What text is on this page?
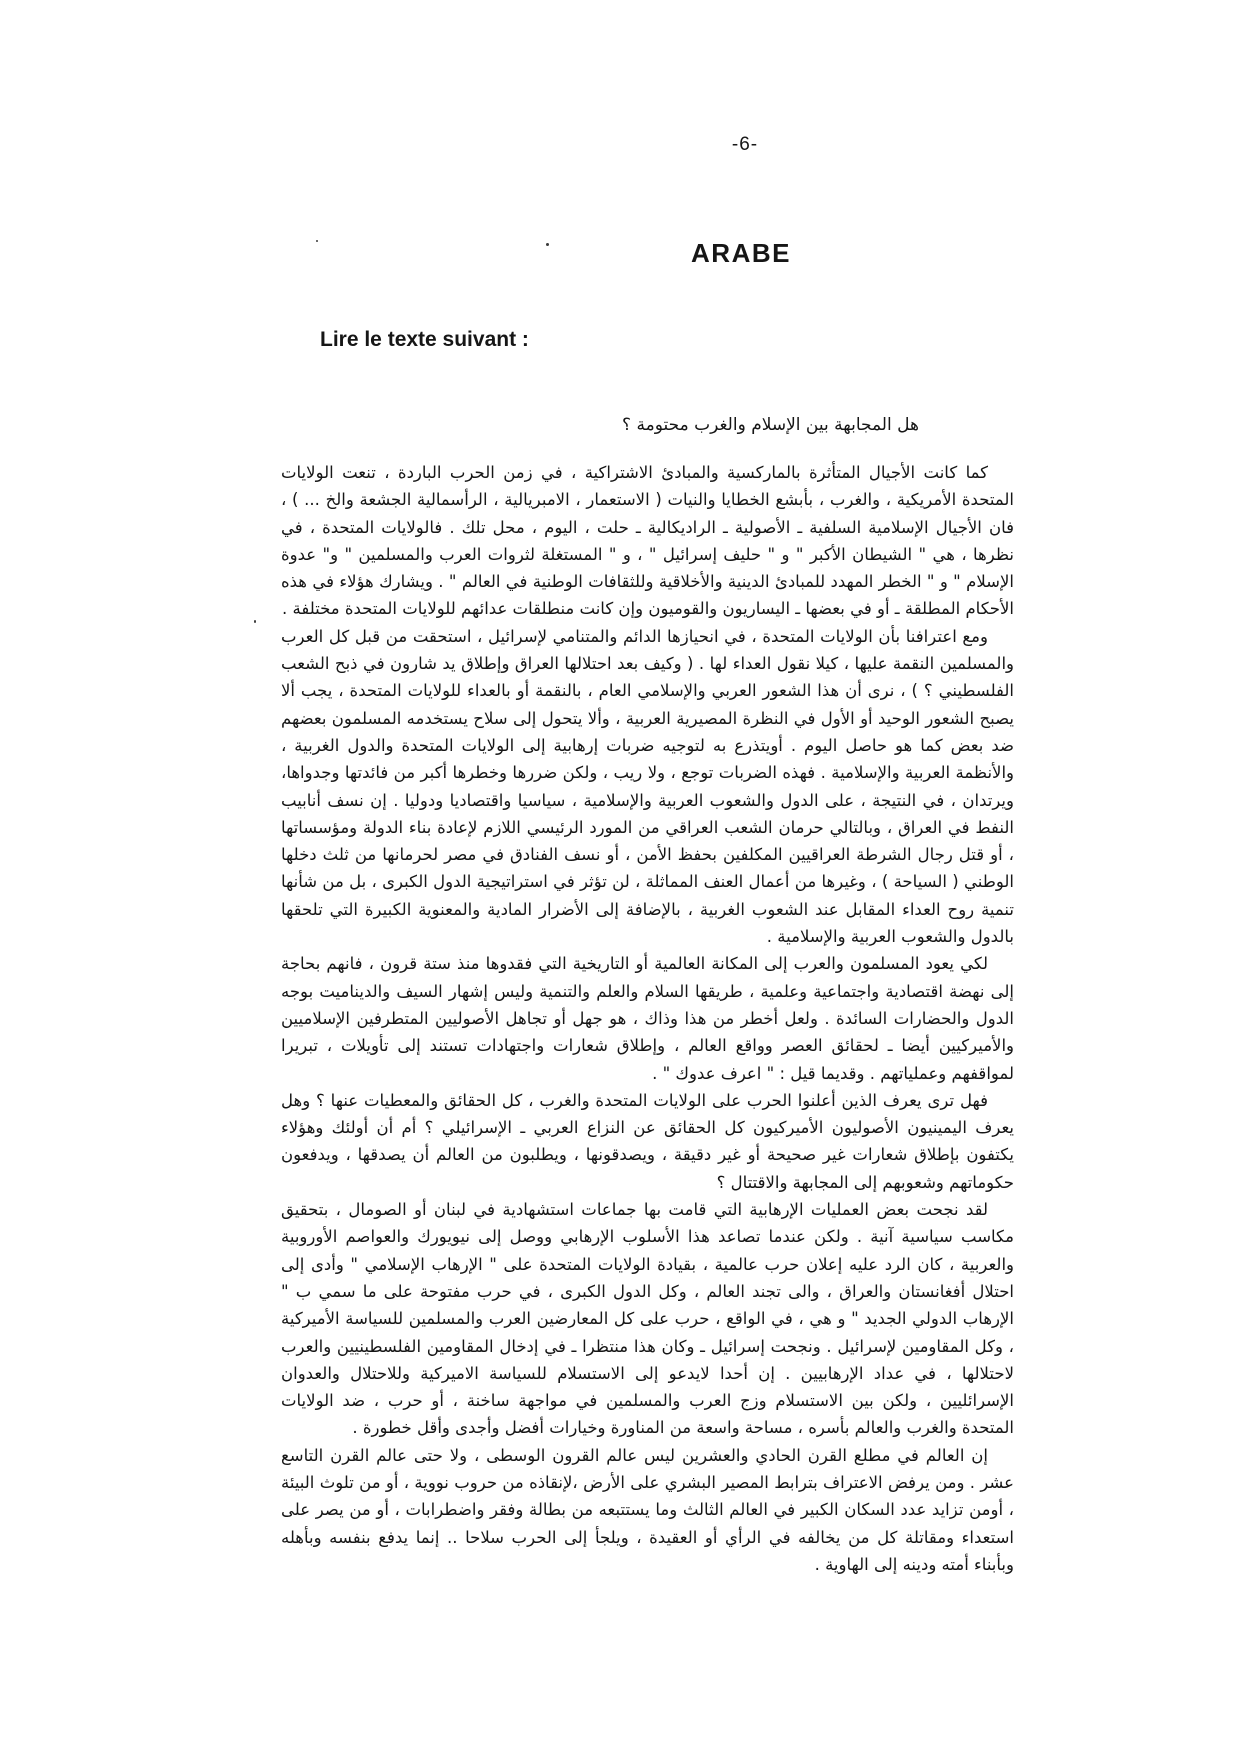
-6-
ARABE
Lire le texte suivant :
هل المجابهة بين الإسلام والغرب محتومة ؟

كما كانت الأجيال المتأثرة بالماركسية والمبادئ الاشتراكية ، في زمن الحرب الباردة ، تنعت الولايات المتحدة الأمريكية ، والغرب ، بأبشع الخطايا والنيات ( الاستعمار ، الامبريالية ، الرأسمالية الجشعة والخ ... ) ، فان الأجيال الإسلامية السلفية ـ الأصولية ـ الراديكالية ـ حلت ، اليوم ، محل تلك . فالولايات المتحدة ، في نظرها ، هي " الشيطان الأكبر " و " حليف إسرائيل " ، و " المستغلة لثروات العرب والمسلمين " و" عدوة الإسلام " و " الخطر المهدد للمبادئ الدينية والأخلاقية وللثقافات الوطنية في العالم " . ويشارك هؤلاء في هذه الأحكام المطلقة ـ أو في بعضها ـ اليساريون والقوميون وإن كانت منطلقات عدائهم للولايات المتحدة مختلفة .

ومع اعترافنا بأن الولايات المتحدة ، في انحيازها الدائم والمتنامي لإسرائيل ، استحقت من قبل كل العرب والمسلمين النقمة عليها ، كيلا نقول العداء لها . ( وكيف بعد احتلالها العراق وإطلاق يد شارون في ذبح الشعب الفلسطيني ؟ ) ، نرى أن هذا الشعور العربي والإسلامي العام ، بالنقمة أو بالعداء للولايات المتحدة ، يجب ألا يصبح الشعور الوحيد أو الأول في النظرة المصيرية العربية ، وألا يتحول إلى سلاح يستخدمه المسلمون بعضهم ضد بعض كما هو حاصل اليوم . أويتذرع به لتوجيه ضربات إرهابية إلى الولايات المتحدة والدول الغربية ، والأنظمة العربية والإسلامية . فهذه الضربات توجع ، ولا ريب ، ولكن ضررها وخطرها أكبر من فائدتها وجدواها، ويرتدان ، في النتيجة ، على الدول والشعوب العربية والإسلامية ، سياسيا واقتصاديا ودوليا . إن نسف أنابيب النفط في العراق ، وبالتالي حرمان الشعب العراقي من المورد الرئيسي اللازم لإعادة بناء الدولة ومؤسساتها ، أو قتل رجال الشرطة العراقيين المكلفين بحفظ الأمن ، أو نسف الفنادق في مصر لحرمانها من ثلث دخلها الوطني ( السياحة ) ، وغيرها من أعمال العنف المماثلة ، لن تؤثر في استراتيجية الدول الكبرى ، بل من شأنها تنمية روح العداء المقابل عند الشعوب الغربية ، بالإضافة إلى الأضرار المادية والمعنوية الكبيرة التي تلحقها بالدول والشعوب العربية والإسلامية .

لكي يعود المسلمون والعرب إلى المكانة العالمية أو التاريخية التي فقدوها منذ ستة قرون ، فانهم بحاجة إلى نهضة اقتصادية واجتماعية وعلمية ، طريقها السلام والعلم والتنمية وليس إشهار السيف والديناميت بوجه الدول والحضارات السائدة . ولعل أخطر من هذا وذاك ، هو جهل أو تجاهل الأصوليين المتطرفين الإسلاميين والأميركيين أيضا ـ لحقائق العصر وواقع العالم ، وإطلاق شعارات واجتهادات تستند إلى تأويلات ، تبريرا لمواقفهم وعملياتهم . وقديما قيل : " اعرف عدوك " .

فهل ترى يعرف الذين أعلنوا الحرب على الولايات المتحدة والغرب ، كل الحقائق والمعطيات عنها ؟ وهل يعرف اليمينيون الأصوليون الأميركيون كل الحقائق عن النزاع العربي ـ الإسرائيلي ؟ أم أن أولئك وهؤلاء يكتفون بإطلاق شعارات غير صحيحة أو غير دقيقة ، ويصدقونها ، ويطلبون من العالم أن يصدقها ، ويدفعون حكوماتهم وشعوبهم إلى المجابهة والاقتتال ؟

لقد نجحت بعض العمليات الإرهابية التي قامت بها جماعات استشهادية في لبنان أو الصومال ، بتحقيق مكاسب سياسية آنية . ولكن عندما تصاعد هذا الأسلوب الإرهابي ووصل إلى نيويورك والعواصم الأوروبية والعربية ، كان الرد عليه إعلان حرب عالمية ، بقيادة الولايات المتحدة على " الإرهاب الإسلامي " وأدى إلى احتلال أفغانستان والعراق ، والى تجند العالم ، وكل الدول الكبرى ، في حرب مفتوحة على ما سمي ب " الإرهاب الدولي الجديد " و هي ، في الواقع ، حرب على كل المعارضين العرب والمسلمين للسياسة الأميركية ، وكل المقاومين لإسرائيل . ونجحت إسرائيل ـ وكان هذا منتظرا ـ في إدخال المقاومين الفلسطينيين والعرب لاحتلالها ، في عداد الإرهابيين . إن أحدا لايدعو إلى الاستسلام للسياسة الاميركية وللاحتلال والعدوان الإسرائليين ، ولكن بين الاستسلام وزج العرب والمسلمين في مواجهة ساخنة ، أو حرب ، ضد الولايات المتحدة والغرب والعالم بأسره ، مساحة واسعة من المناورة وخيارات أفضل وأجدى وأقل خطورة .

إن العالم في مطلع القرن الحادي والعشرين ليس عالم القرون الوسطى ، ولا حتى عالم القرن التاسع عشر . ومن يرفض الاعتراف بترابط المصير البشري على الأرض ،لإنقاذه من حروب نووية ، أو من تلوث البيئة ، أومن تزايد عدد السكان الكبير في العالم الثالث وما يستتبعه من بطالة وفقر واضطرابات ، أو من يصر على استعداء ومقاتلة كل من يخالفه في الرأي أو العقيدة ، ويلجأ إلى الحرب سلاحا .. إنما يدفع بنفسه وبأهله وبأبناء أمته ودينه إلى الهاوية .
